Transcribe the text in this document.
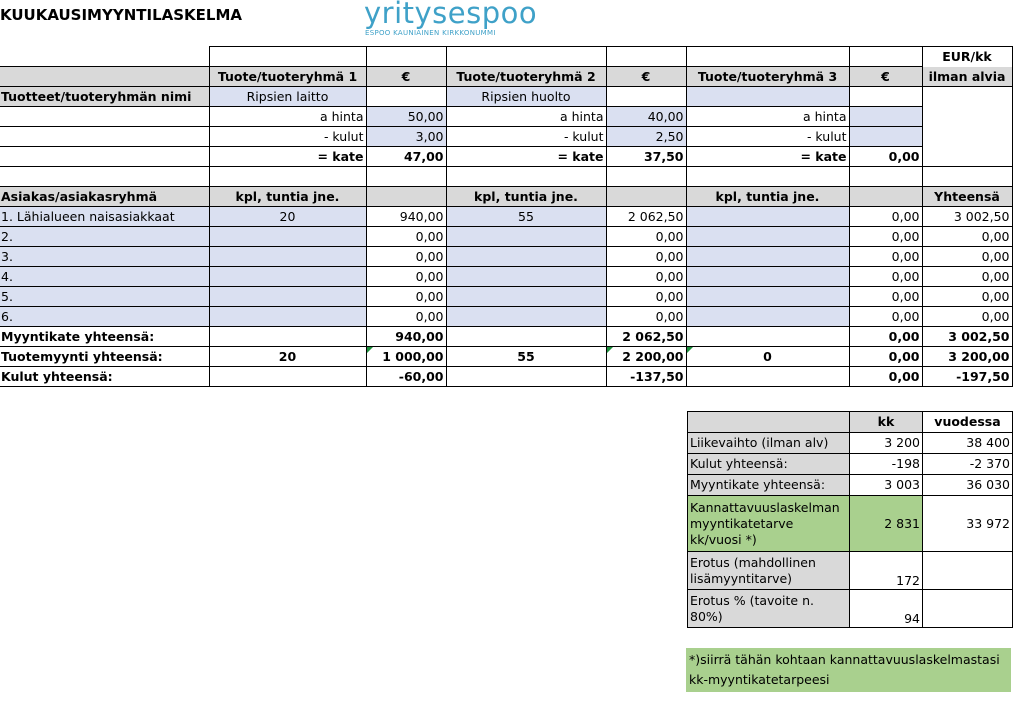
KUUKAUSIMYYNTILASKELMA	yritysespoo
ESPOO KAUNIAINEN KIRKKONUMMI
							EUR/kk
	Tuote/tuoteryhmä 1	€	Tuote/tuoteryhmä 2	€	Tuote/tuoteryhmä 3	€	ilman alvia
Tuotteet/tuoteryhmän nimi	Ripsien laitto		Ripsien huolto				
	a hinta	50,00	a hinta	40,00	a hinta		
	- kulut	3,00	- kulut	2,50	- kulut		
	= kate	47,00	= kate	37,50	= kate	0,00	

Asiakas/asiakasryhmä	kpl, tuntia jne.		kpl, tuntia jne.		kpl, tuntia jne.		Yhteensä
1. Lähialueen naisasiakkaat	20	940,00	55	2 062,50		0,00	3 002,50
2.		0,00		0,00		0,00	0,00
3.		0,00		0,00		0,00	0,00
4.		0,00		0,00		0,00	0,00
5.		0,00		0,00		0,00	0,00
6.		0,00		0,00		0,00	0,00
Myyntikate yhteensä:		940,00		2 062,50		0,00	3 002,50
Tuotemyynti yhteensä:	20	1 000,00	55	2 200,00	0	0,00	3 200,00
Kulut yhteensä:		-60,00		-137,50		0,00	-197,50
	kk	vuodessa
Liikevaihto (ilman alv)	3 200	38 400
Kulut yhteensä:	-198	-2 370
Myyntikate yhteensä:	3 003	36 030

Kannattavuuslaskelman
myyntikatetarve
kk/vuosi *)	2 831	33 972

Erotus (mahdollinen
lisämyyntitarve)	172	

Erotus % (tavoite n.
80%)	94	
*)siirrä tähän kohtaan kannattavuuslaskelmastasi
kk-myyntikatetarpeesi
